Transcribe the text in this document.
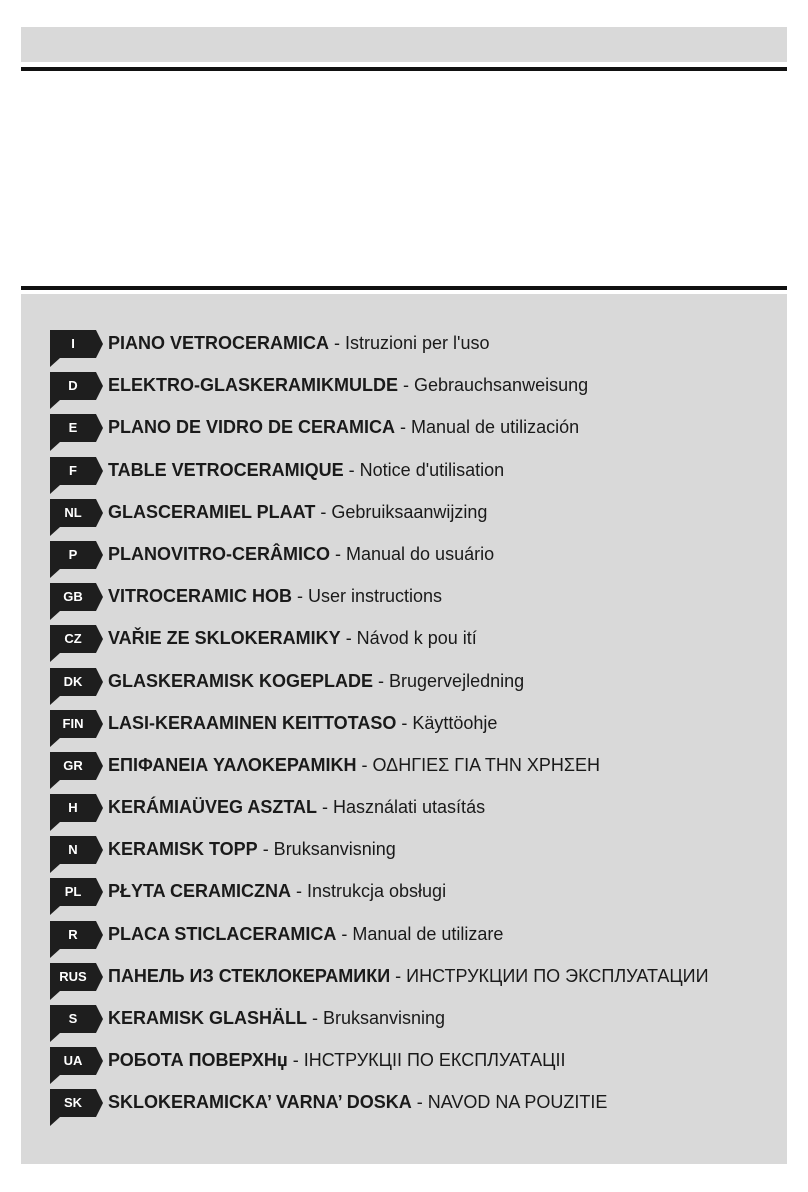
I	PIANO VETROCERAMICA - Istruzioni per l'uso
D	ELEKTRO-GLASKERAMIKMULDE - Gebrauchsanweisung
E	PLANO DE VIDRO DE CERAMICA - Manual de utilización
F	TABLE VETROCERAMIQUE - Notice d'utilisation
NL	GLASCERAMIEL PLAAT - Gebruiksaanwijzing
P	PLANOVITRO-CERÂMICO - Manual do usuário
GB	VITROCERAMIC HOB - User instructions
CZ	VAŘIE ZE SKLOKERAMIKY - Návod k pou ití
DK	GLASKERAMISK KOGEPLADE - Brugervejledning
FIN	LASI-KERAAMINEN KEITTOTASO - Käyttöohje
GR	ΕΠΙΦΑΝΕΙΑ ΥΑΛΟΚΕΡΑΜΙΚΗ - ΟΔΗΓΙΕΣ ΓΙΑ ΤΗΝ ΧΡΗΣΕΗ
H	KERÁMIAÜVEG ASZTAL - Használati utasítás
N	KERAMISK TOPP - Bruksanvisning
PL	PŁYTA CERAMICZNA - Instrukcja obsługi
R	PLACA STICLACERAMICA - Manual de utilizare
RUS	ПАНЕЛЬ ИЗ СТЕКЛОКЕРАМИКИ - ИНСТРУКЦИИ ПО ЭКСПЛУАТАЦИИ
S	KERAMISK GLASHÄLL - Bruksanvisning
UA	РОБОТА ПОВЕРХНџ - ІНСТРУКЦІІ ПО ЕКСПЛУАТАЦІІ
SK	SKLOKERAMICKA’ VARNA’ DOSKA - NAVOD NA POUZITIE
